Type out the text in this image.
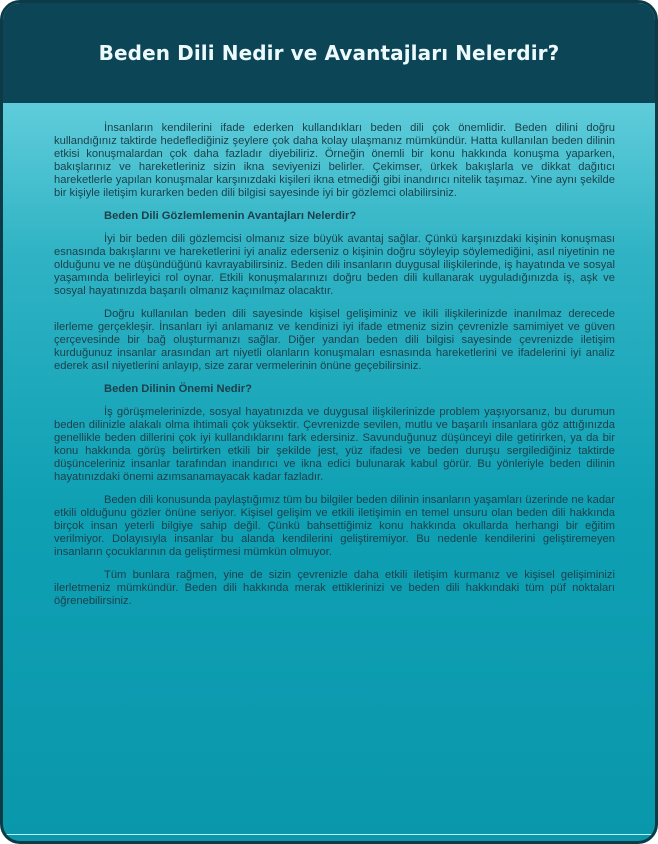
Beden Dili Nedir ve Avantajları Nelerdir?

İnsanların kendilerini ifade ederken kullandıkları beden dili çok önemlidir. Beden dilini doğru kullandığınız taktirde hedeflediğiniz şeylere çok daha kolay ulaşmanız mümkündür. Hatta kullanılan beden dilinin etkisi konuşmalardan çok daha fazladır diyebiliriz. Örneğin önemli bir konu hakkında konuşma yaparken, bakışlarınız ve hareketleriniz sizin ikna seviyenizi belirler. Çekimser, ürkek bakışlarla ve dikkat dağıtıcı hareketlerle yapılan konuşmalar karşınızdaki kişileri ikna etmediği gibi inandırıcı nitelik taşımaz. Yine aynı şekilde bir kişiyle iletişim kurarken beden dili bilgisi sayesinde iyi bir gözlemci olabilirsiniz.

Beden Dili Gözlemlemenin Avantajları Nelerdir?

İyi bir beden dili gözlemcisi olmanız size büyük avantaj sağlar. Çünkü karşınızdaki kişinin konuşması esnasında bakışlarını ve hareketlerini iyi analiz ederseniz o kişinin doğru söyleyip söylemediğini, asıl niyetinin ne olduğunu ve ne düşündüğünü kavrayabilirsiniz. Beden dili insanların duygusal ilişkilerinde, iş hayatında ve sosyal yaşamında belirleyici rol oynar. Etkili konuşmalarınızı doğru beden dili kullanarak uyguladığınızda iş, aşk ve sosyal hayatınızda başarılı olmanız kaçınılmaz olacaktır.

Doğru kullanılan beden dili sayesinde kişisel gelişiminiz ve ikili ilişkilerinizde inanılmaz derecede ilerleme gerçekleşir. İnsanları iyi anlamanız ve kendinizi iyi ifade etmeniz sizin çevrenizle samimiyet ve güven çerçevesinde bir bağ oluşturmanızı sağlar. Diğer yandan beden dili bilgisi sayesinde çevrenizde iletişim kurduğunuz insanlar arasından art niyetli olanların konuşmaları esnasında hareketlerini ve ifadelerini iyi analiz ederek asıl niyetlerini anlayıp, size zarar vermelerinin önüne geçebilirsiniz.

Beden Dilinin Önemi Nedir?

İş görüşmelerinizde, sosyal hayatınızda ve duygusal ilişkilerinizde problem yaşıyorsanız, bu durumun beden dilinizle alakalı olma ihtimali çok yüksektir. Çevrenizde sevilen, mutlu ve başarılı insanlara göz attığınızda genellikle beden dillerini çok iyi kullandıklarını fark edersiniz. Savunduğunuz düşünceyi dile getirirken, ya da bir konu hakkında görüş belirtirken etkili bir şekilde jest, yüz ifadesi ve beden duruşu sergilediğiniz taktirde düşünceleriniz insanlar tarafından inandırıcı ve ikna edici bulunarak kabul görür. Bu yönleriyle beden dilinin hayatınızdaki önemi azımsanamayacak kadar fazladır.

Beden dili konusunda paylaştığımız tüm bu bilgiler beden dilinin insanların yaşamları üzerinde ne kadar etkili olduğunu gözler önüne seriyor. Kişisel gelişim ve etkili iletişimin en temel unsuru olan beden dili hakkında birçok insan yeterli bilgiye sahip değil. Çünkü bahsettiğimiz konu hakkında okullarda herhangi bir eğitim verilmiyor. Dolayısıyla insanlar bu alanda kendilerini geliştiremiyor. Bu nedenle kendilerini geliştiremeyen insanların çocuklarının da geliştirmesi mümkün olmuyor.

Tüm bunlara rağmen, yine de sizin çevrenizle daha etkili iletişim kurmanız ve kişisel gelişiminizi ilerletmeniz mümkündür. Beden dili hakkında merak ettiklerinizi ve beden dili hakkındaki tüm püf noktaları öğrenebilirsiniz.
